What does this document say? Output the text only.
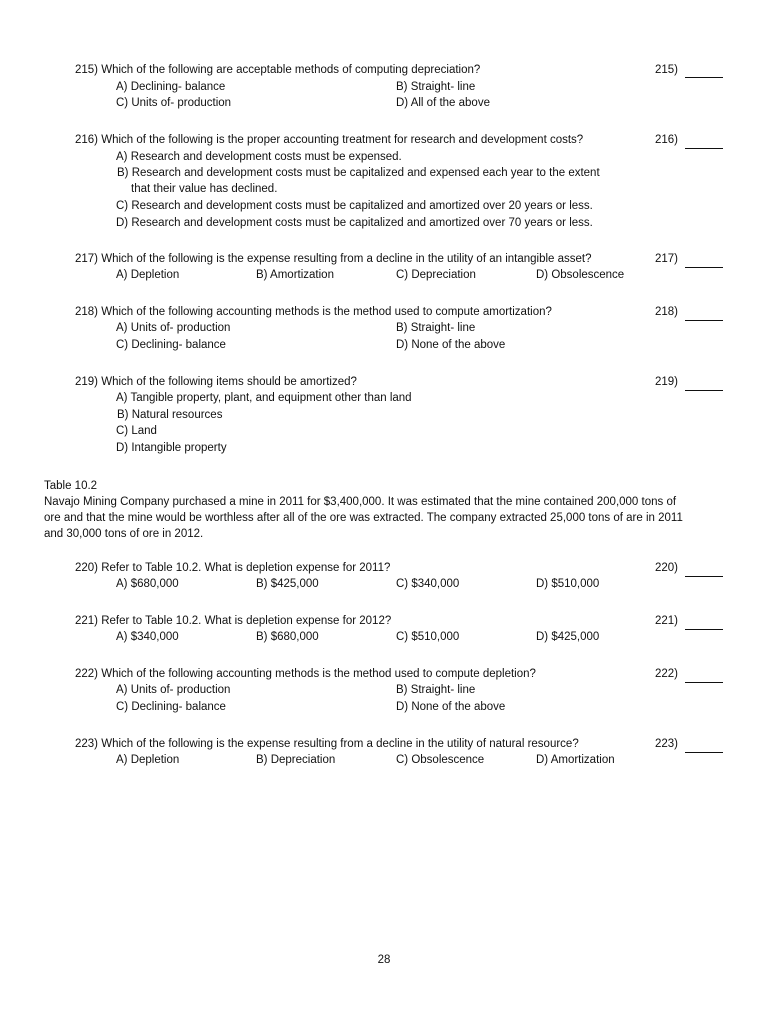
215) Which of the following are acceptable methods of computing depreciation?	215)
A) Declining- balance	B) Straight- line
C) Units of- production	D) All of the above
216) Which of the following is the proper accounting treatment for research and development costs?	216)
A) Research and development costs must be expensed.
B) Research and development costs must be capitalized and expensed each year to the extent
that their value has declined.
C) Research and development costs must be capitalized and amortized over 20 years or less.
D) Research and development costs must be capitalized and amortized over 70 years or less.
217) Which of the following is the expense resulting from a decline in the utility of an intangible asset?	217)
A) Depletion	B) Amortization	C) Depreciation	D) Obsolescence
218) Which of the following accounting methods is the method used to compute amortization?	218)
A) Units of- production	B) Straight- line
C) Declining- balance	D) None of the above
219) Which of the following items should be amortized?	219)
A) Tangible property, plant, and equipment other than land
B) Natural resources
C) Land
D) Intangible property
Table 10.2
Navajo Mining Company purchased a mine in 2011 for $3,400,000. It was estimated that the mine contained 200,000 tons of
ore and that the mine would be worthless after all of the ore was extracted. The company extracted 25,000 tons of are in 2011
and 30,000 tons of ore in 2012.
220) Refer to Table 10.2. What is depletion expense for 2011?	220)
A) $680,000	B) $425,000	C) $340,000	D) $510,000
221) Refer to Table 10.2. What is depletion expense for 2012?	221)
A) $340,000	B) $680,000	C) $510,000	D) $425,000
222) Which of the following accounting methods is the method used to compute depletion?	222)
A) Units of- production	B) Straight- line
C) Declining- balance	D) None of the above
223) Which of the following is the expense resulting from a decline in the utility of natural resource?	223)
A) Depletion	B) Depreciation	C) Obsolescence	D) Amortization
28
